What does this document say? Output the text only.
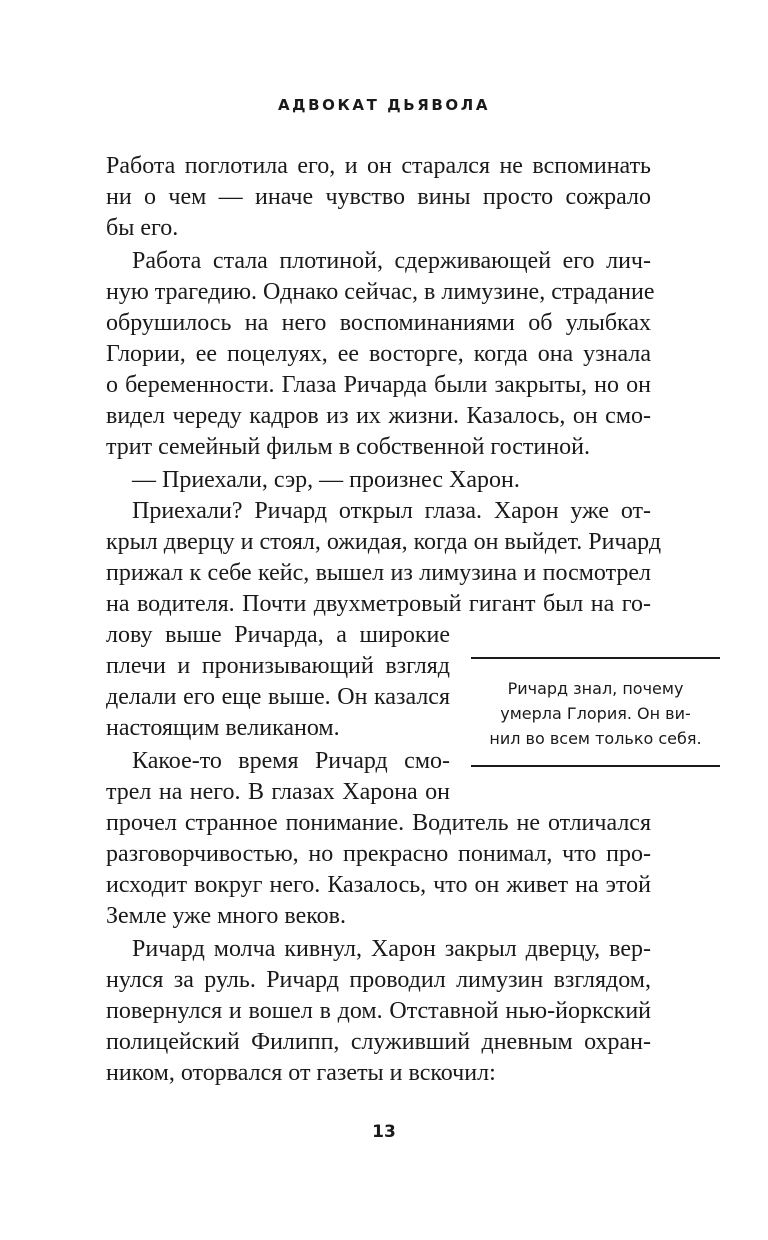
АДВОКАТ ДЬЯВОЛА
Работа поглотила его, и он старался не вспоминать
ни о чем — иначе чувство вины просто сожрало
бы его.
Работа стала плотиной, сдерживающей его лич-
ную трагедию. Однако сейчас, в лимузине, страдание
обрушилось на него воспоминаниями об улыбках
Глории, ее поцелуях, ее восторге, когда она узнала
о беременности. Глаза Ричарда были закрыты, но он
видел череду кадров из их жизни. Казалось, он смо-
трит семейный фильм в собственной гостиной.
— Приехали, сэр, — произнес Харон.
Приехали? Ричард открыл глаза. Харон уже от-
крыл дверцу и стоял, ожидая, когда он выйдет. Ричард
прижал к себе кейс, вышел из лимузина и посмотрел
на водителя. Почти двухметровый гигант был на го-
лову выше Ричарда, а широкие
плечи и пронизывающий взгляд
делали его еще выше. Он казался
настоящим великаном.
Какое-то время Ричард смо-
трел на него. В глазах Харона он
прочел странное понимание. Водитель не отличался
разговорчивостью, но прекрасно понимал, что про-
исходит вокруг него. Казалось, что он живет на этой
Земле уже много веков.
Ричард молча кивнул, Харон закрыл дверцу, вер-
нулся за руль. Ричард проводил лимузин взглядом,
повернулся и вошел в дом. Отставной нью-йоркский
полицейский Филипп, служивший дневным охран-
ником, оторвался от газеты и вскочил:
Ричард знал, почему
умерла Глория. Он ви-
нил во всем только себя.
13
